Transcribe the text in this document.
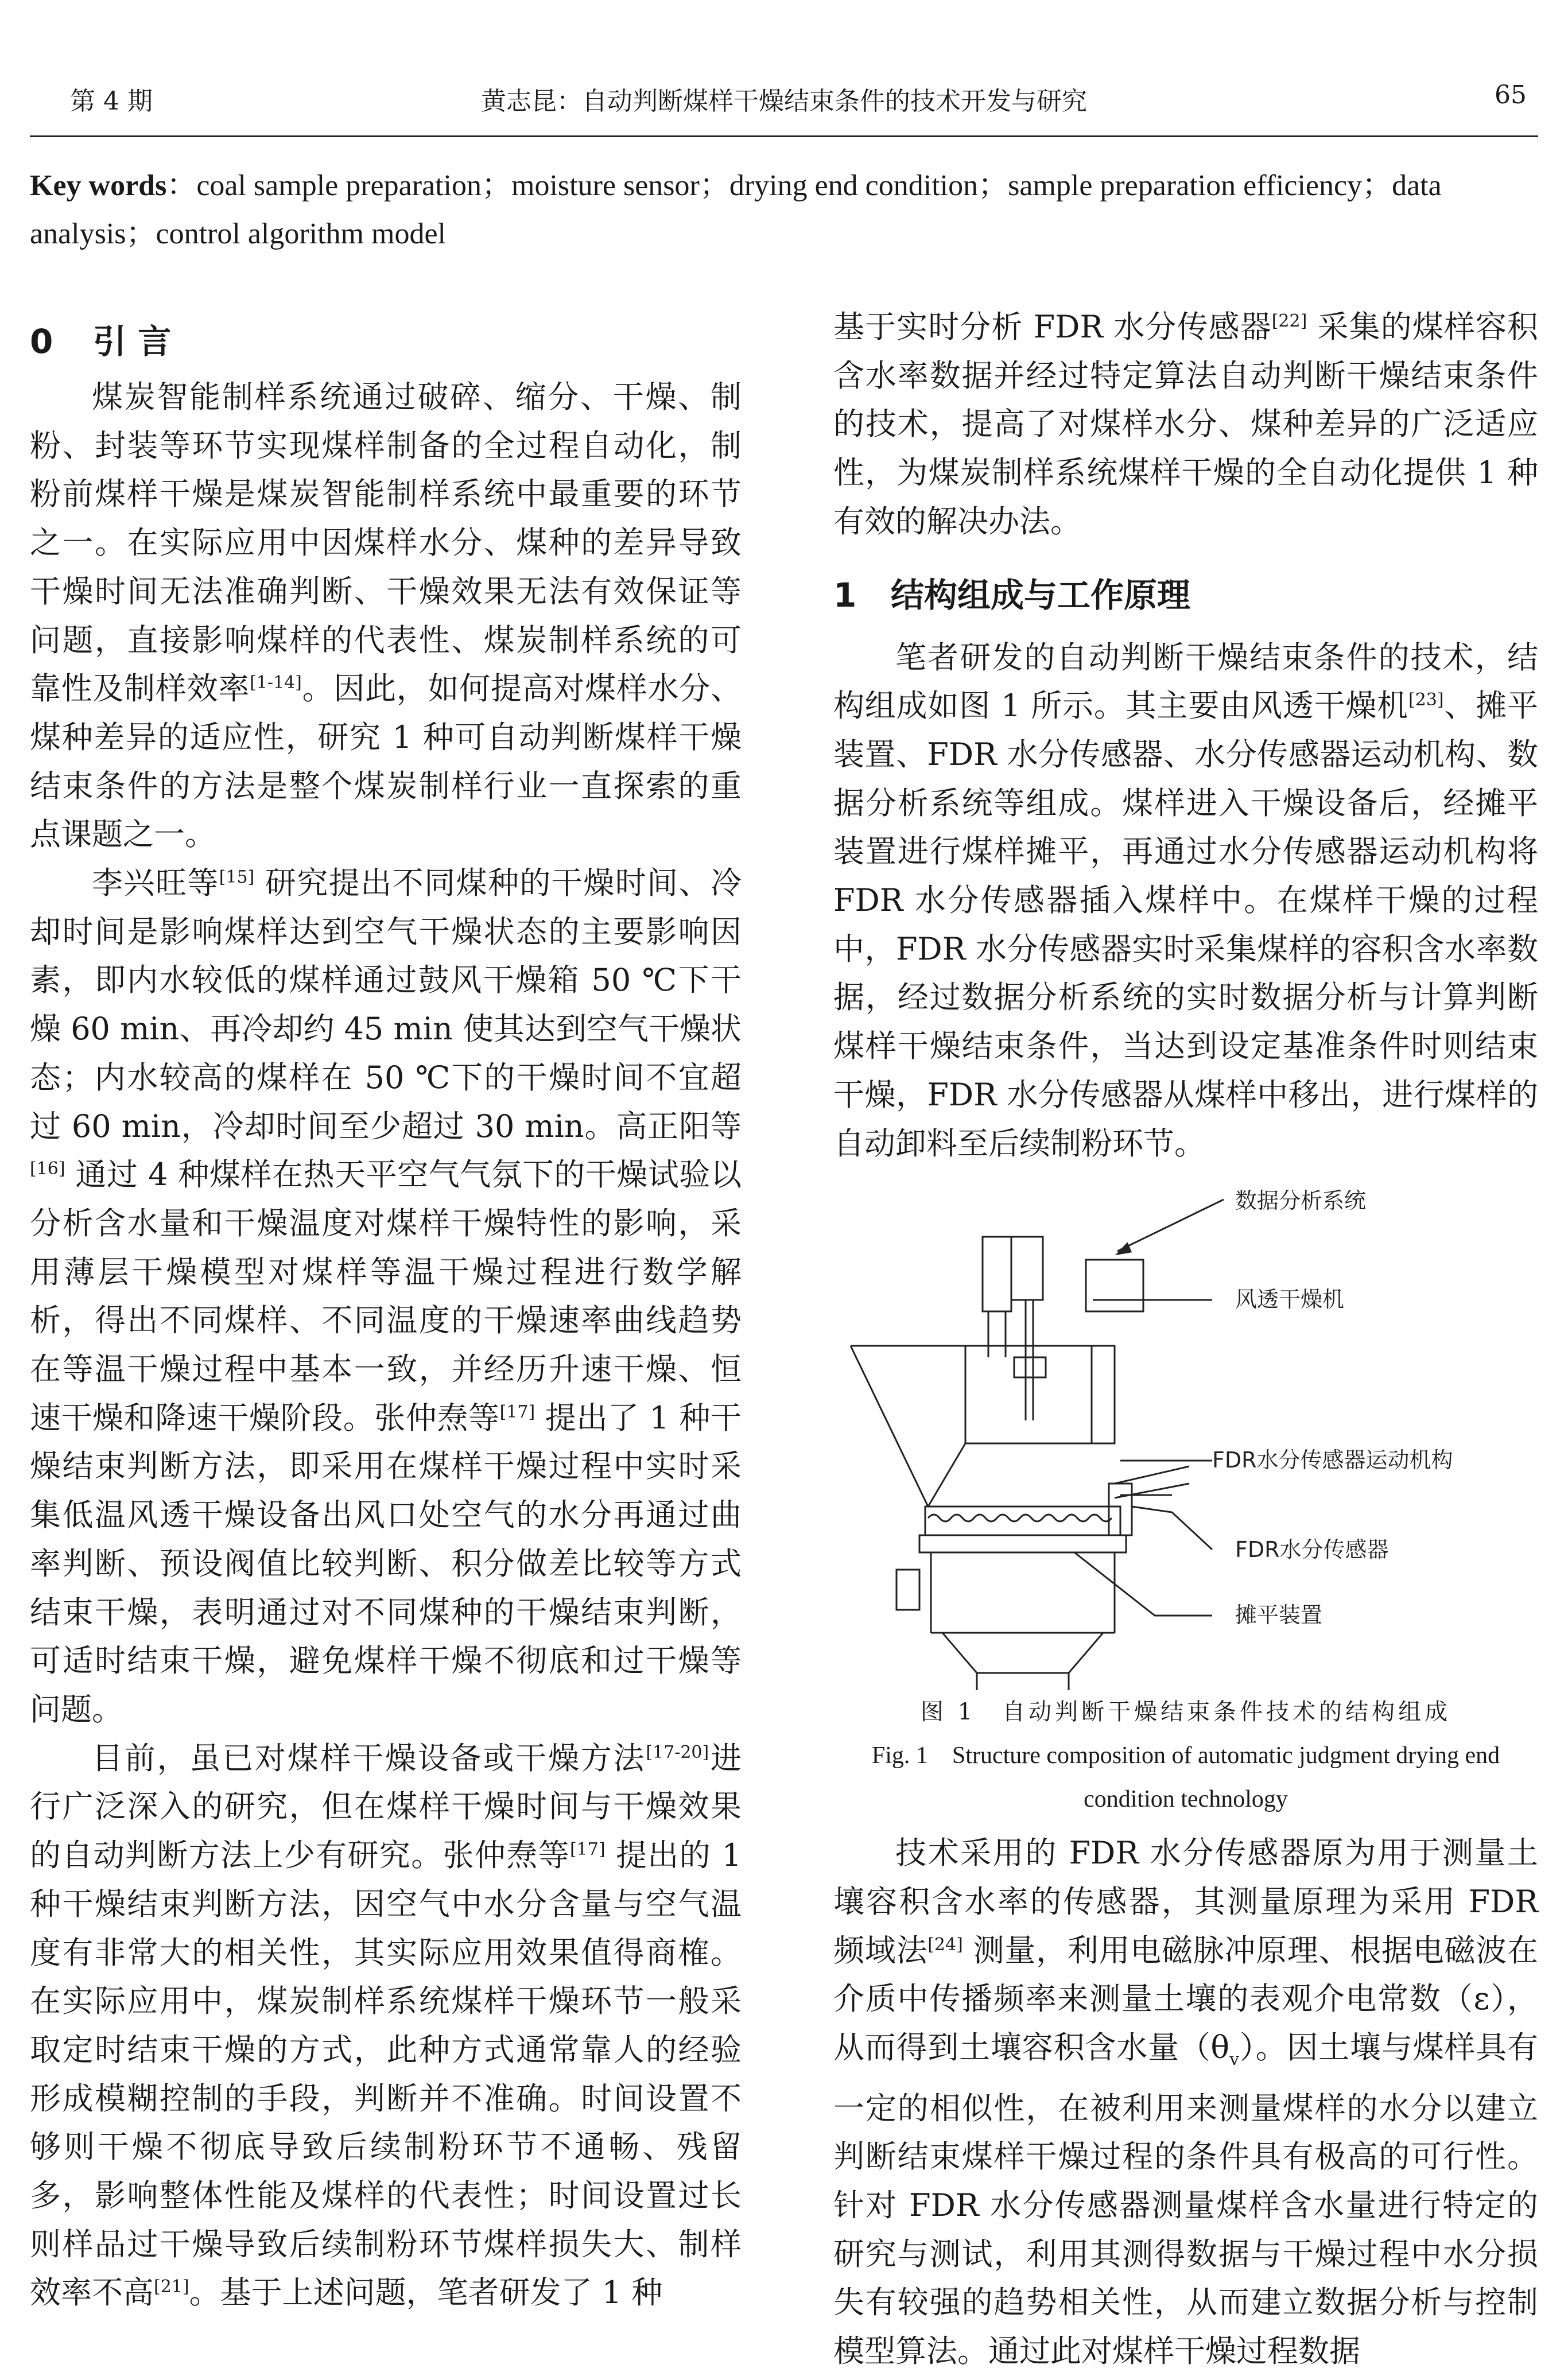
第 4 期	黄志昆：自动判断煤样干燥结束条件的技术开发与研究	65
Key words：coal sample preparation；moisture sensor；drying end condition；sample preparation efficiency；data analysis；control algorithm model
0 引 言

煤炭智能制样系统通过破碎、缩分、干燥、制粉、封装等环节实现煤样制备的全过程自动化，制粉前煤样干燥是煤炭智能制样系统中最重要的环节之一。在实际应用中因煤样水分、煤种的差异导致干燥时间无法准确判断、干燥效果无法有效保证等问题，直接影响煤样的代表性、煤炭制样系统的可靠性及制样效率[1-14]。因此，如何提高对煤样水分、煤种差异的适应性，研究 1 种可自动判断煤样干燥结束条件的方法是整个煤炭制样行业一直探索的重点课题之一。

李兴旺等[15] 研究提出不同煤种的干燥时间、冷却时间是影响煤样达到空气干燥状态的主要影响因素，即内水较低的煤样通过鼓风干燥箱 50 ℃下干燥 60 min、再冷却约 45 min 使其达到空气干燥状态；内水较高的煤样在 50 ℃下的干燥时间不宜超过 60 min，冷却时间至少超过 30 min。高正阳等[16] 通过 4 种煤样在热天平空气气氛下的干燥试验以分析含水量和干燥温度对煤样干燥特性的影响，采用薄层干燥模型对煤样等温干燥过程进行数学解析，得出不同煤样、不同温度的干燥速率曲线趋势在等温干燥过程中基本一致，并经历升速干燥、恒速干燥和降速干燥阶段。张仲焘等[17] 提出了 1 种干燥结束判断方法，即采用在煤样干燥过程中实时采集低温风透干燥设备出风口处空气的水分再通过曲率判断、预设阀值比较判断、积分做差比较等方式结束干燥，表明通过对不同煤种的干燥结束判断，可适时结束干燥，避免煤样干燥不彻底和过干燥等问题。

目前，虽已对煤样干燥设备或干燥方法[17-20]进行广泛深入的研究，但在煤样干燥时间与干燥效果的自动判断方法上少有研究。张仲焘等[17] 提出的 1 种干燥结束判断方法，因空气中水分含量与空气温度有非常大的相关性，其实际应用效果值得商榷。在实际应用中，煤炭制样系统煤样干燥环节一般采取定时结束干燥的方式，此种方式通常靠人的经验形成模糊控制的手段，判断并不准确。时间设置不够则干燥不彻底导致后续制粉环节不通畅、残留多，影响整体性能及煤样的代表性；时间设置过长则样品过干燥导致后续制粉环节煤样损失大、制样效率不高[21]。基于上述问题，笔者研发了 1 种

基于实时分析 FDR 水分传感器[22] 采集的煤样容积含水率数据并经过特定算法自动判断干燥结束条件的技术，提高了对煤样水分、煤种差异的广泛适应性，为煤炭制样系统煤样干燥的全自动化提供 1 种有效的解决办法。

1 结构组成与工作原理

笔者研发的自动判断干燥结束条件的技术，结构组成如图 1 所示。其主要由风透干燥机[23]、摊平装置、FDR 水分传感器、水分传感器运动机构、数据分析系统等组成。煤样进入干燥设备后，经摊平装置进行煤样摊平，再通过水分传感器运动机构将 FDR 水分传感器插入煤样中。在煤样干燥的过程中，FDR 水分传感器实时采集煤样的容积含水率数据，经过数据分析系统的实时数据分析与计算判断煤样干燥结束条件，当达到设定基准条件时则结束干燥，FDR 水分传感器从煤样中移出，进行煤样的自动卸料至后续制粉环节。

数据分析系统
风透干燥机
FDR水分传感器运动机构
FDR水分传感器
摊平装置
图 1　自动判断干燥结束条件技术的结构组成
Fig. 1　Structure composition of automatic judgment drying end condition technology

技术采用的 FDR 水分传感器原为用于测量土壤容积含水率的传感器，其测量原理为采用 FDR 频域法[24] 测量，利用电磁脉冲原理、根据电磁波在介质中传播频率来测量土壤的表观介电常数（ε），从而得到土壤容积含水量$(\theta_v)$。因土壤与煤样具有一定的相似性，在被利用来测量煤样的水分以建立判断结束煤样干燥过程的条件具有极高的可行性。针对 FDR 水分传感器测量煤样含水量进行特定的研究与测试，利用其测得数据与干燥过程中水分损失有较强的趋势相关性，从而建立数据分析与控制模型算法。通过此对煤样干燥过程数据
